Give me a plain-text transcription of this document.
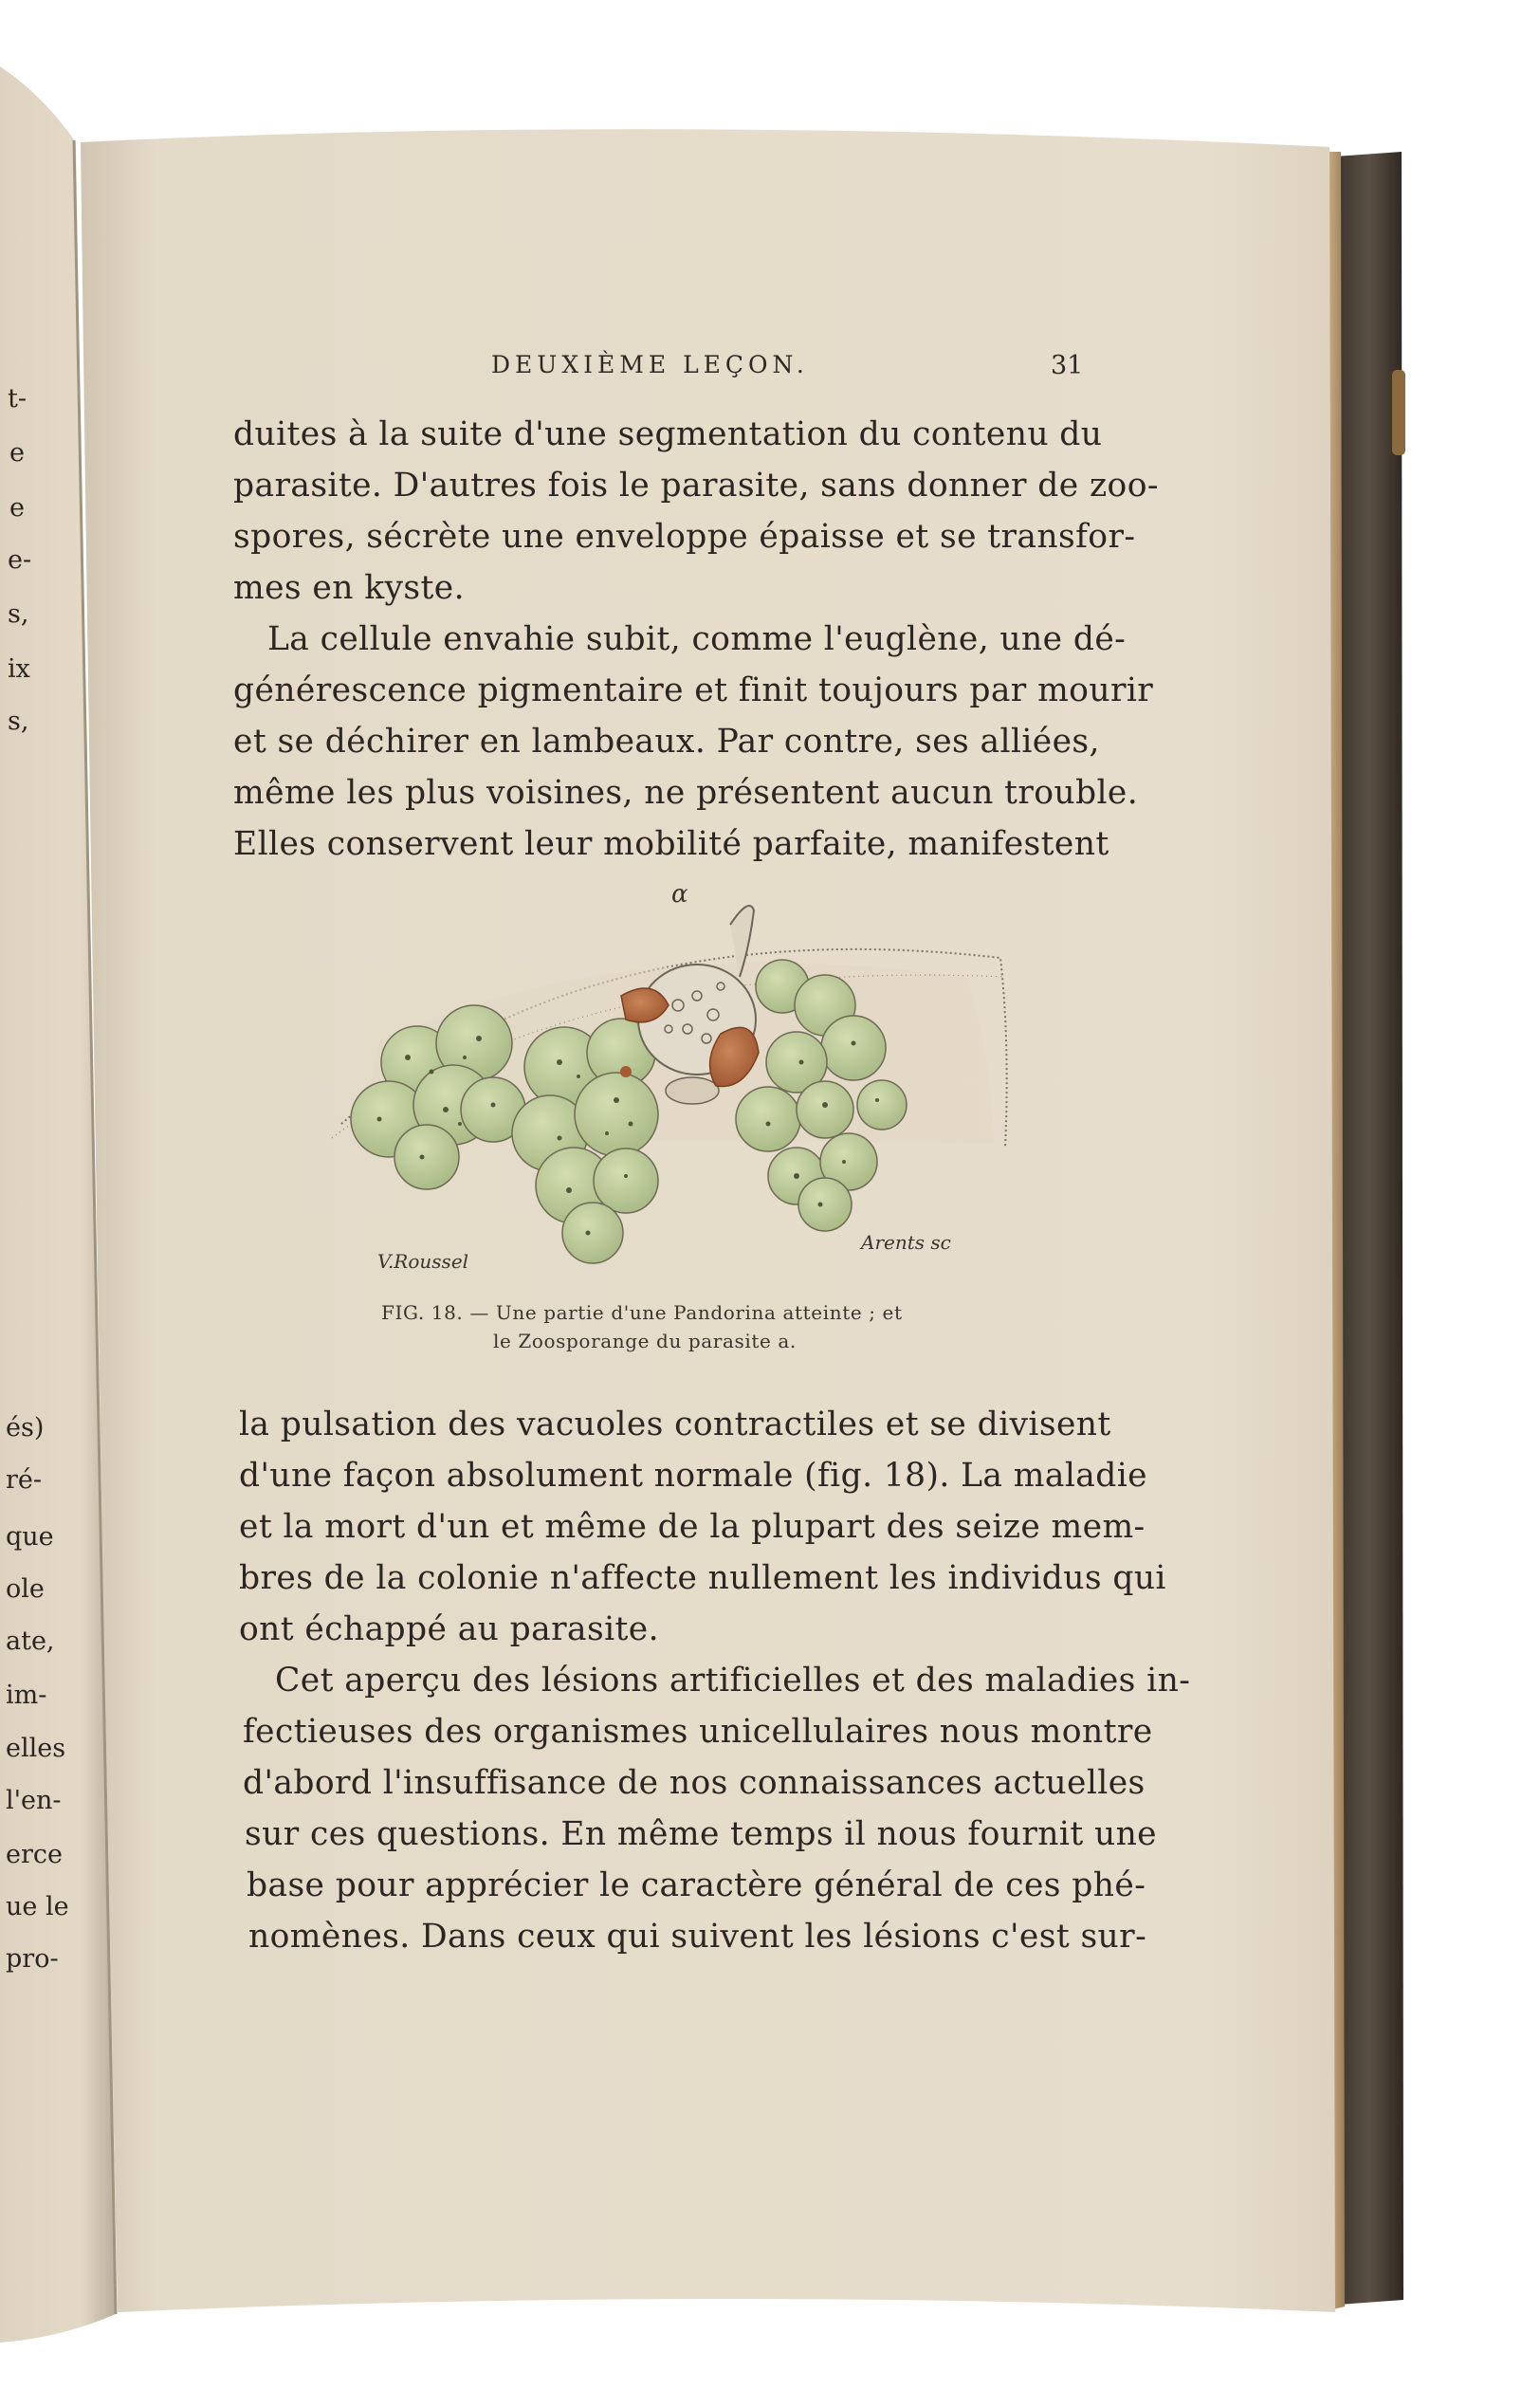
t-
e
e
e-
s,
ix
s,
és)
ré-
que
ole
ate,
im-
elles
l'en-
erce
ue le
pro-
DEUXIÈME LEÇON.	31
duites à la suite d'une segmentation du contenu du
parasite. D'autres fois le parasite, sans donner de zoo-
spores, sécrète une enveloppe épaisse et se transfor-
mes en kyste.
La cellule envahie subit, comme l'euglène, une dé-
générescence pigmentaire et finit toujours par mourir
et se déchirer en lambeaux. Par contre, ses alliées,
même les plus voisines, ne présentent aucun trouble.
Elles conservent leur mobilité parfaite, manifestent
α
V.Roussel
Arents sc
FIG. 18. — Une partie d'une Pandorina atteinte ; et
le Zoosporange du parasite a.
la pulsation des vacuoles contractiles et se divisent
d'une façon absolument normale (fig. 18). La maladie
et la mort d'un et même de la plupart des seize mem-
bres de la colonie n'affecte nullement les individus qui
ont échappé au parasite.
Cet aperçu des lésions artificielles et des maladies in-
fectieuses des organismes unicellulaires nous montre
d'abord l'insuffisance de nos connaissances actuelles
sur ces questions. En même temps il nous fournit une
base pour apprécier le caractère général de ces phé-
nomènes. Dans ceux qui suivent les lésions c'est sur-
